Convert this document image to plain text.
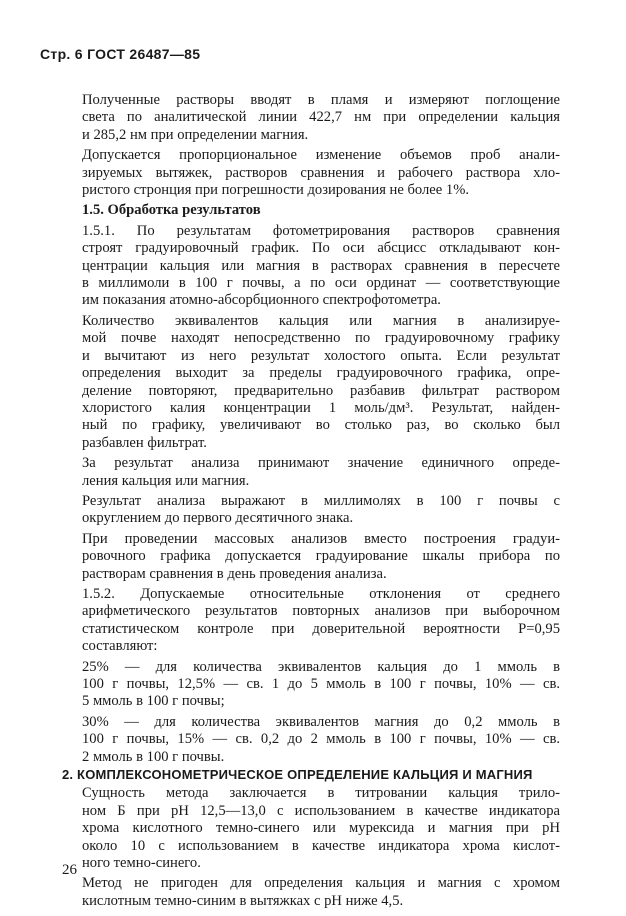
Стр. 6 ГОСТ 26487—85
Полученные растворы вводят в пламя и измеряют поглощение
света по аналитической линии 422,7 нм при определении кальция
и 285,2 нм при определении магния.
Допускается пропорциональное изменение объемов проб анали-
зируемых вытяжек, растворов сравнения и рабочего раствора хло-
ристого стронция при погрешности дозирования не более 1%.
1.5. Обработка результатов
1.5.1. По результатам фотометрирования растворов сравнения
строят градуировочный график. По оси абсцисс откладывают кон-
центрации кальция или магния в растворах сравнения в пересчете
в миллимоли в 100 г почвы, а по оси ординат — соответствующие
им показания атомно-абсорбционного спектрофотометра.
Количество эквивалентов кальция или магния в анализируе-
мой почве находят непосредственно по градуировочному графику
и вычитают из него результат холостого опыта. Если результат
определения выходит за пределы градуировочного графика, опре-
деление повторяют, предварительно разбавив фильтрат раствором
хлористого калия концентрации 1 моль/дм³. Результат, найден-
ный по графику, увеличивают во столько раз, во сколько был
разбавлен фильтрат.
За результат анализа принимают значение единичного опреде-
ления кальция или магния.
Результат анализа выражают в миллимолях в 100 г почвы с
округлением до первого десятичного знака.
При проведении массовых анализов вместо построения градуи-
ровочного графика допускается градуирование шкалы прибора по
растворам сравнения в день проведения анализа.
1.5.2. Допускаемые относительные отклонения от среднего
арифметического результатов повторных анализов при выборочном
статистическом контроле при доверительной вероятности P=0,95
составляют:
25% — для количества эквивалентов кальция до 1 ммоль в
100 г почвы, 12,5% — св. 1 до 5 ммоль в 100 г почвы, 10% — св.
5 ммоль в 100 г почвы;
30% — для количества эквивалентов магния до 0,2 ммоль в
100 г почвы, 15% — св. 0,2 до 2 ммоль в 100 г почвы, 10% — св.
2 ммоль в 100 г почвы.
2. КОМПЛЕКСОНОМЕТРИЧЕСКОЕ ОПРЕДЕЛЕНИЕ КАЛЬЦИЯ И МАГНИЯ
Сущность метода заключается в титровании кальция трило-
ном Б при pH 12,5—13,0 с использованием в качестве индикатора
хрома кислотного темно-синего или мурексида и магния при pH
около 10 с использованием в качестве индикатора хрома кислот-
ного темно-синего.
Метод не пригоден для определения кальция и магния с хромом
кислотным темно-синим в вытяжках с pH ниже 4,5.
26
